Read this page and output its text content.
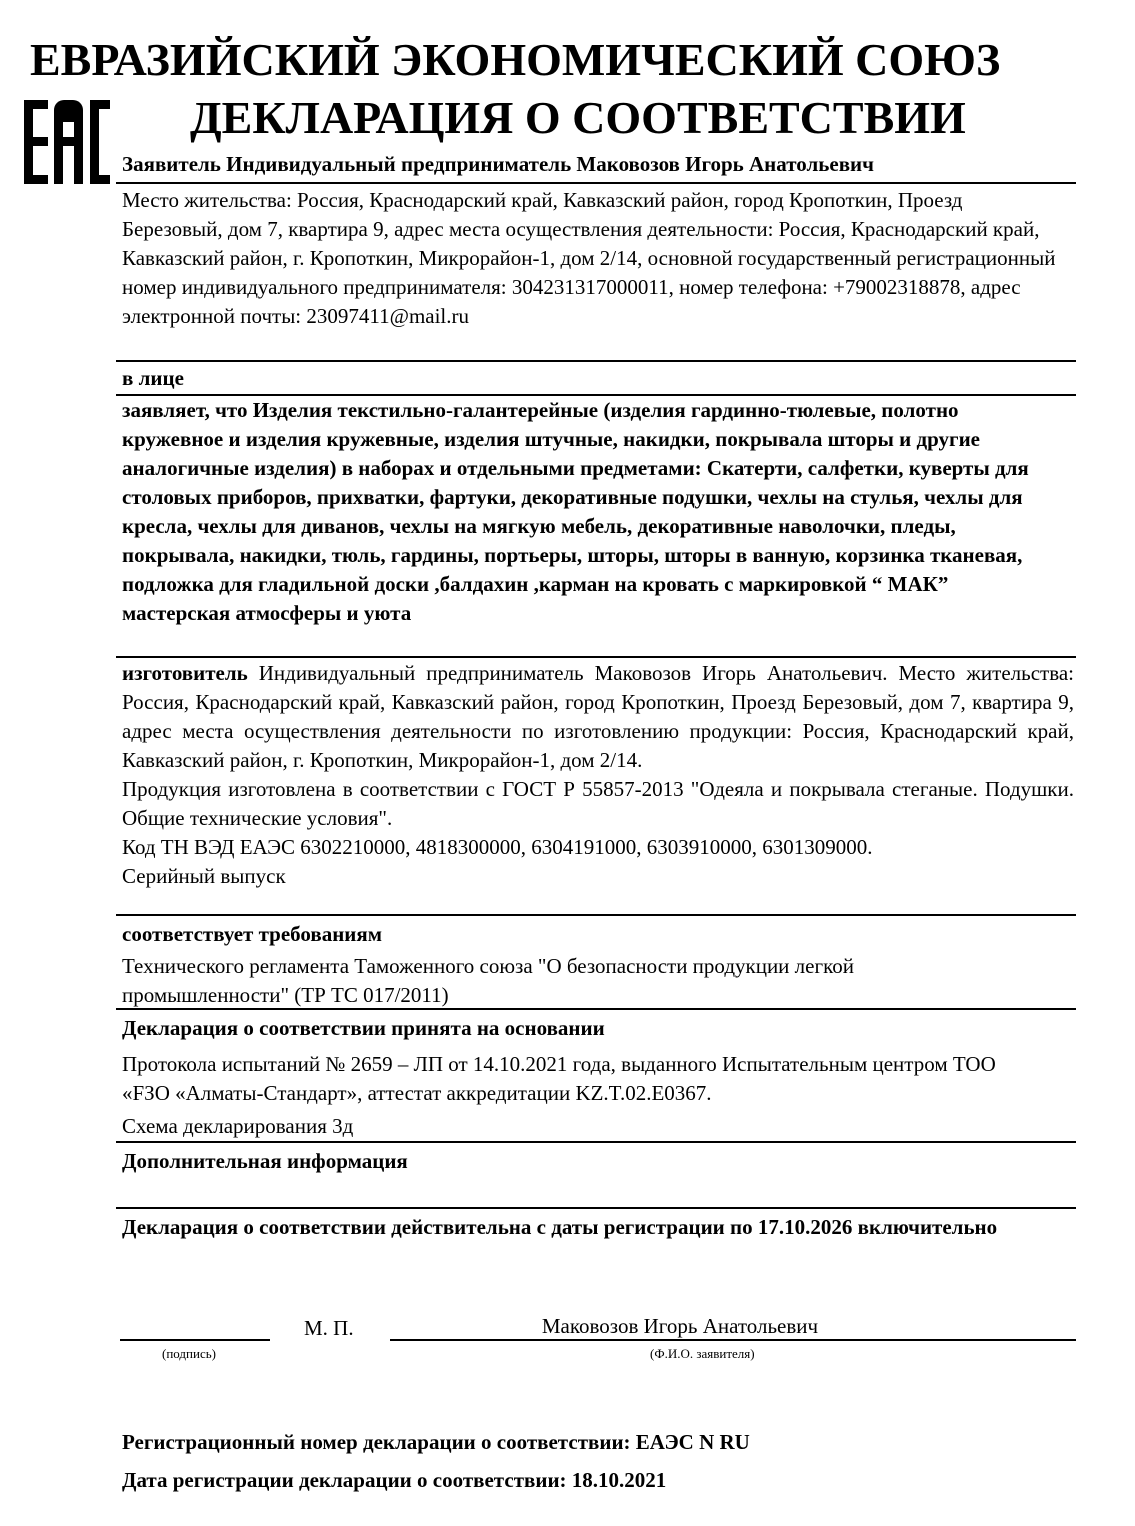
ЕВРАЗИЙСКИЙ ЭКОНОМИЧЕСКИЙ СОЮЗ
ДЕКЛАРАЦИЯ О СООТВЕТСТВИИ
Заявитель Индивидуальный предприниматель Маковозов Игорь Анатольевич
Место жительства: Россия, Краснодарский край, Кавказский район, город Кропоткин, Проезд Березовый, дом 7, квартира 9, адрес места осуществления деятельности: Россия, Краснодарский край, Кавказский район, г. Кропоткин, Микрорайон-1, дом 2/14, основной государственный регистрационный номер индивидуального предпринимателя: 304231317000011, номер телефона: +79002318878, адрес электронной почты: 23097411@mail.ru
в лице
заявляет, что Изделия текстильно-галантерейные (изделия гардинно-тюлевые, полотно кружевное и изделия кружевные, изделия штучные, накидки, покрывала шторы и другие аналогичные изделия) в наборах и отдельными предметами: Скатерти, салфетки, куверты для столовых приборов, прихватки, фартуки, декоративные подушки, чехлы на стулья, чехлы для кресла, чехлы для диванов, чехлы на мягкую мебель, декоративные наволочки, пледы, покрывала, накидки, тюль, гардины, портьеры, шторы, шторы в ванную, корзинка тканевая, подложка для гладильной доски ,балдахин ,карман на кровать с маркировкой “ МАК” мастерская атмосферы и уюта

изготовитель Индивидуальный предприниматель Маковозов Игорь Анатольевич. Место жительства: Россия, Краснодарский край, Кавказский район, город Кропоткин, Проезд Березовый, дом 7, квартира 9, адрес места осуществления деятельности по изготовлению продукции: Россия, Краснодарский край, Кавказский район, г. Кропоткин, Микрорайон-1, дом 2/14.

Продукция изготовлена в соответствии с ГОСТ Р 55857-2013 "Одеяла и покрывала стеганые. Подушки. Общие технические условия".

Код ТН ВЭД ЕАЭС 6302210000, 4818300000, 6304191000, 6303910000, 6301309000.

Серийный выпуск

соответствует требованиям
Технического регламента Таможенного союза "О безопасности продукции легкой промышленности" (ТР ТС 017/2011)
Декларация о соответствии принята на основании
Протокола испытаний № 2659 – ЛП от 14.10.2021 года, выданного Испытательным центром ТОО «FЗО «Алматы-Стандарт», аттестат аккредитации KZ.T.02.E0367.
Схема декларирования 3д
Дополнительная информация
Декларация о соответствии действительна с даты регистрации по 17.10.2026 включительно
М. П.	Маковозов Игорь Анатольевич
(подпись)	(Ф.И.О. заявителя)
Регистрационный номер декларации о соответствии: ЕАЭС N RU
Дата регистрации декларации о соответствии: 18.10.2021
